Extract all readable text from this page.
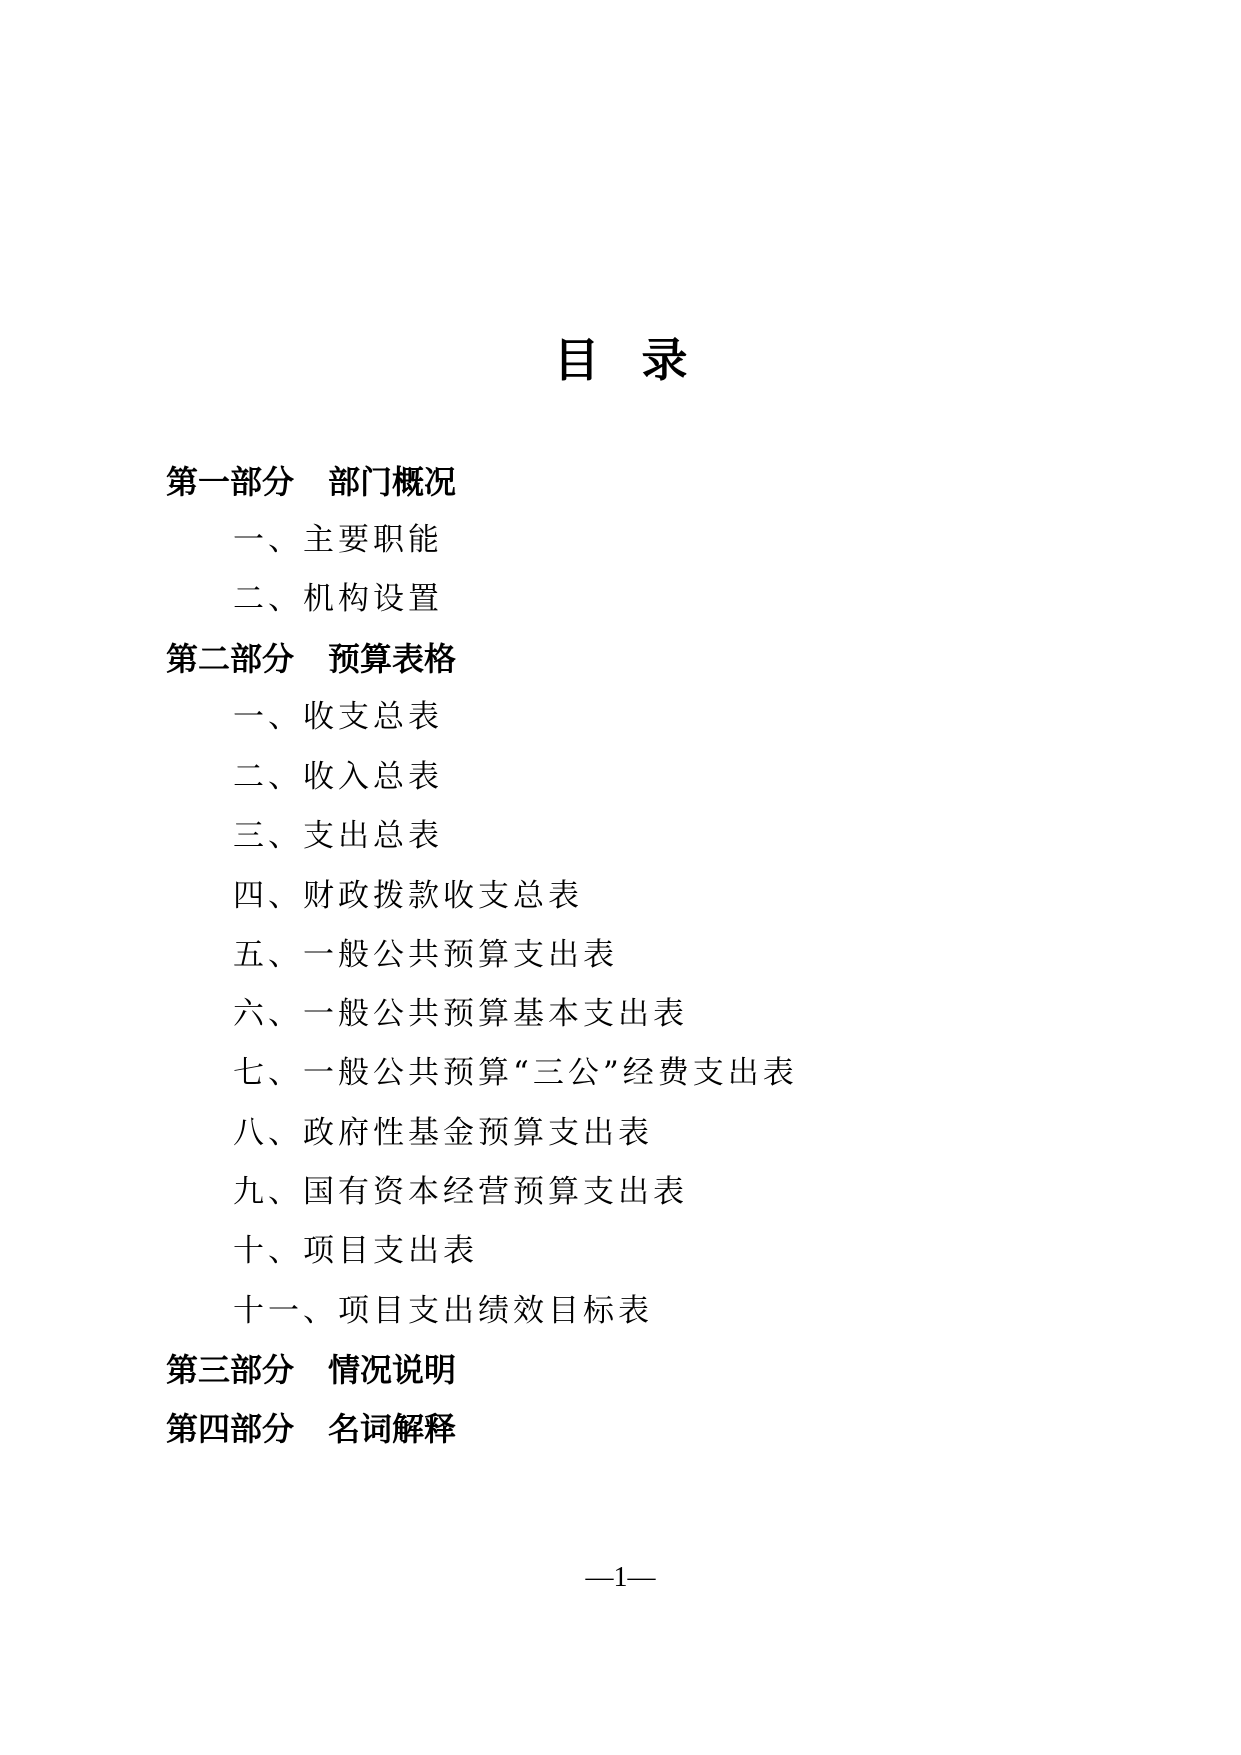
目录
第一部分 部门概况
一、主要职能
二、机构设置
第二部分 预算表格
一、收支总表
二、收入总表
三、支出总表
四、财政拨款收支总表
五、一般公共预算支出表
六、一般公共预算基本支出表
七、一般公共预算“三公”经费支出表
八、政府性基金预算支出表
九、国有资本经营预算支出表
十、项目支出表
十一、项目支出绩效目标表
第三部分 情况说明
第四部分 名词解释
—1—
